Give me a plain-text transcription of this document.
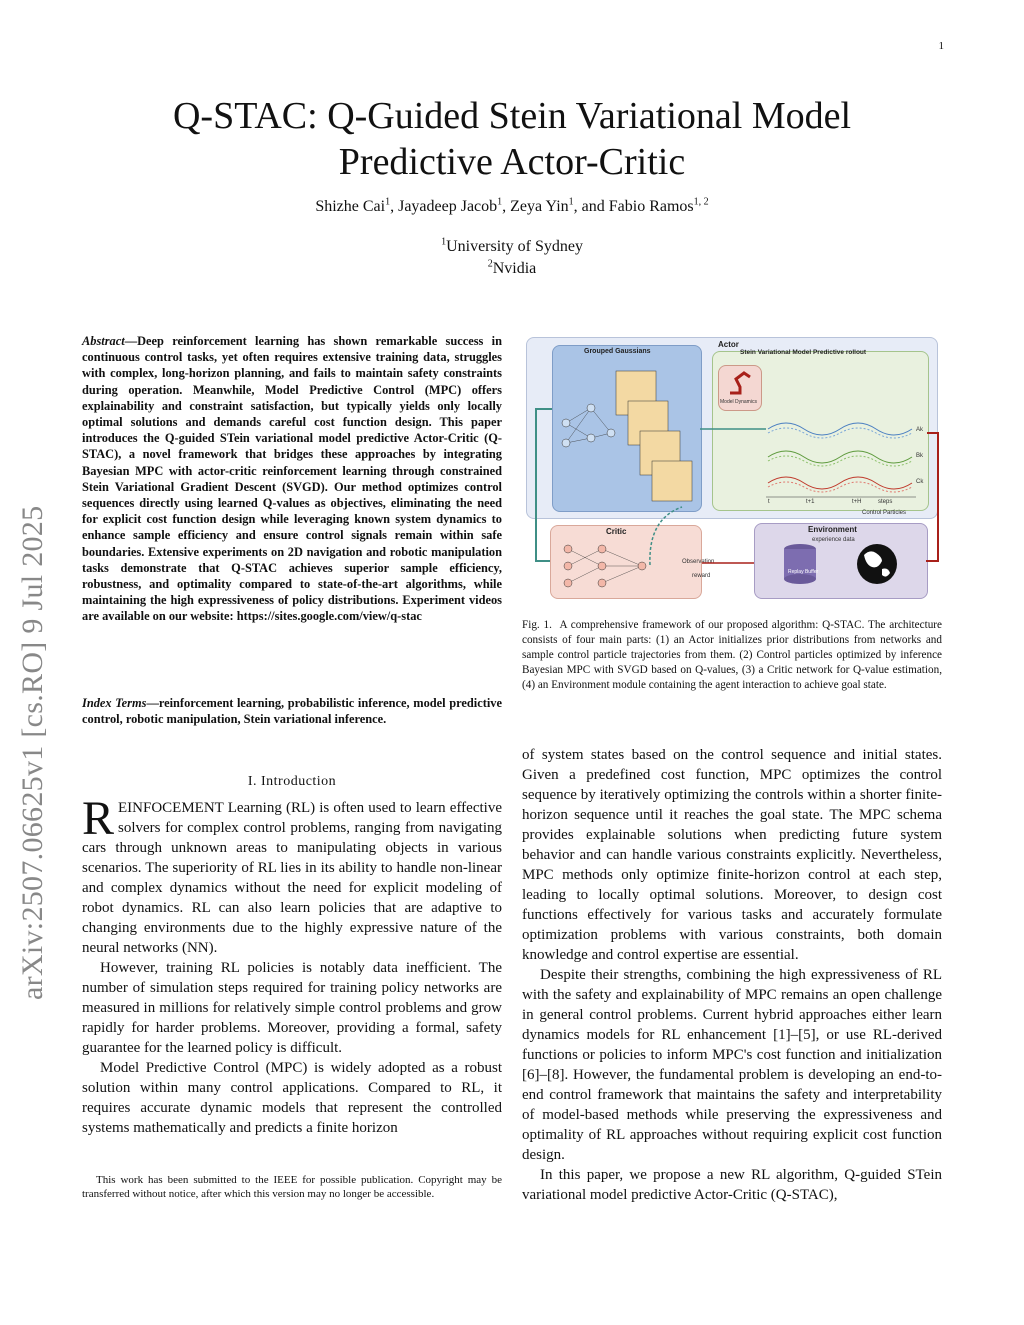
1
arXiv:2507.06625v1 [cs.RO] 9 Jul 2025
Q-STAC: Q-Guided Stein Variational Model
Predictive Actor-Critic
Shizhe Cai$^1$, Jayadeep Jacob$^1$, Zeya Yin$^1$, and Fabio Ramos$^{1, 2}$
$^1$University of Sydney
$^2$Nvidia
Abstract—Deep reinforcement learning has shown remarkable success in continuous control tasks, yet often requires extensive training data, struggles with complex, long-horizon planning, and fails to maintain safety constraints during operation. Meanwhile, Model Predictive Control (MPC) offers explainability and constraint satisfaction, but typically yields only locally optimal solutions and demands careful cost function design. This paper introduces the Q-guided STein variational model predictive Actor-Critic (Q-STAC), a novel framework that bridges these approaches by integrating Bayesian MPC with actor-critic reinforcement learning through constrained Stein Variational Gradient Descent (SVGD). Our method optimizes control sequences directly using learned Q-values as objectives, eliminating the need for explicit cost function design while leveraging known system dynamics to enhance sample efficiency and ensure control signals remain within safe boundaries. Extensive experiments on 2D navigation and robotic manipulation tasks demonstrate that Q-STAC achieves superior sample efficiency, robustness, and optimality compared to state-of-the-art algorithms, while maintaining the high expressiveness of policy distributions. Experiment videos are available on our website: https://sites.google.com/view/q-stac
Index Terms—reinforcement learning, probabilistic inference, model predictive control, robotic manipulation, Stein variational inference.
I. Introduction

REINFOCEMENT Learning (RL) is often used to learn effective solvers for complex control problems, ranging from navigating cars through unknown areas to manipulating objects in various scenarios. The superiority of RL lies in its ability to handle non-linear and complex dynamics without the need for explicit modeling of robot dynamics. RL can also learn policies that are adaptive to changing environments due to the highly expressive nature of the neural networks (NN).

However, training RL policies is notably data inefficient. The number of simulation steps required for training policy networks are measured in millions for relatively simple control problems and grow rapidly for harder problems. Moreover, providing a formal, safety guarantee for the learned policy is difficult.

Model Predictive Control (MPC) is widely adopted as a robust solution within many control applications. Compared to RL, it requires accurate dynamic models that represent the controlled systems mathematically and predicts a finite horizon

This work has been submitted to the IEEE for possible publication. Copyright may be transferred without notice, after which this version may no longer be accessible.
Actor
Grouped Gaussians	Stein Variational Model Predictive rollout
Model Dynamics
Ak
Bk
Ck
t	t+1	t+H	steps
Control Particles
Critic
Observation
reward
Environment
experience data
Replay Buffer
Fig. 1. A comprehensive framework of our proposed algorithm: Q-STAC. The architecture consists of four main parts: (1) an Actor initializes prior distributions from networks and sample control particle trajectories from them. (2) Control particles optimized by inference Bayesian MPC with SVGD based on Q-values, (3) a Critic network for Q-value estimation, (4) an Environment module containing the agent interaction to achieve goal state.

of system states based on the control sequence and initial states. Given a predefined cost function, MPC optimizes the control sequence by iteratively optimizing the controls within a shorter finite-horizon sequence until it reaches the goal state. The MPC schema provides explainable solutions when predicting future system behavior and can handle various constraints explicitly. Nevertheless, MPC methods only optimize finite-horizon control at each step, leading to locally optimal solutions. Moreover, to design cost functions effectively for various tasks and accurately formulate optimization problems with various constraints, both domain knowledge and control expertise are essential.

Despite their strengths, combining the high expressiveness of RL with the safety and explainability of MPC remains an open challenge in general control problems. Current hybrid approaches either learn dynamics models for RL enhancement [1]–[5], or use RL-derived functions or policies to inform MPC's cost function and initialization [6]–[8]. However, the fundamental problem is developing an end-to-end control framework that maintains the safety and interpretability of model-based methods while preserving the expressiveness and optimality of RL approaches without requiring explicit cost function design.

In this paper, we propose a new RL algorithm, Q-guided STein variational model predictive Actor-Critic (Q-STAC),
